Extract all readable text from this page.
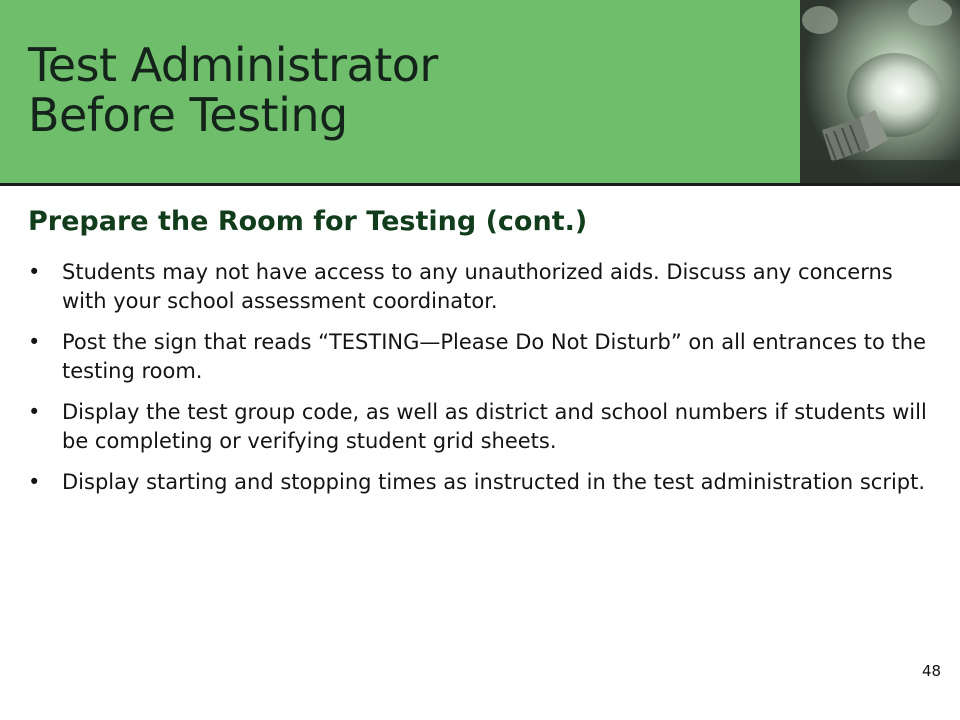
Test Administrator
Before Testing
Prepare the Room for Testing (cont.)
• Students may not have access to any unauthorized aids. Discuss any concerns with your school assessment coordinator.
• Post the sign that reads “TESTING—Please Do Not Disturb” on all entrances to the testing room.
• Display the test group code, as well as district and school numbers if students will be completing or verifying student grid sheets.
• Display starting and stopping times as instructed in the test administration script.
48
